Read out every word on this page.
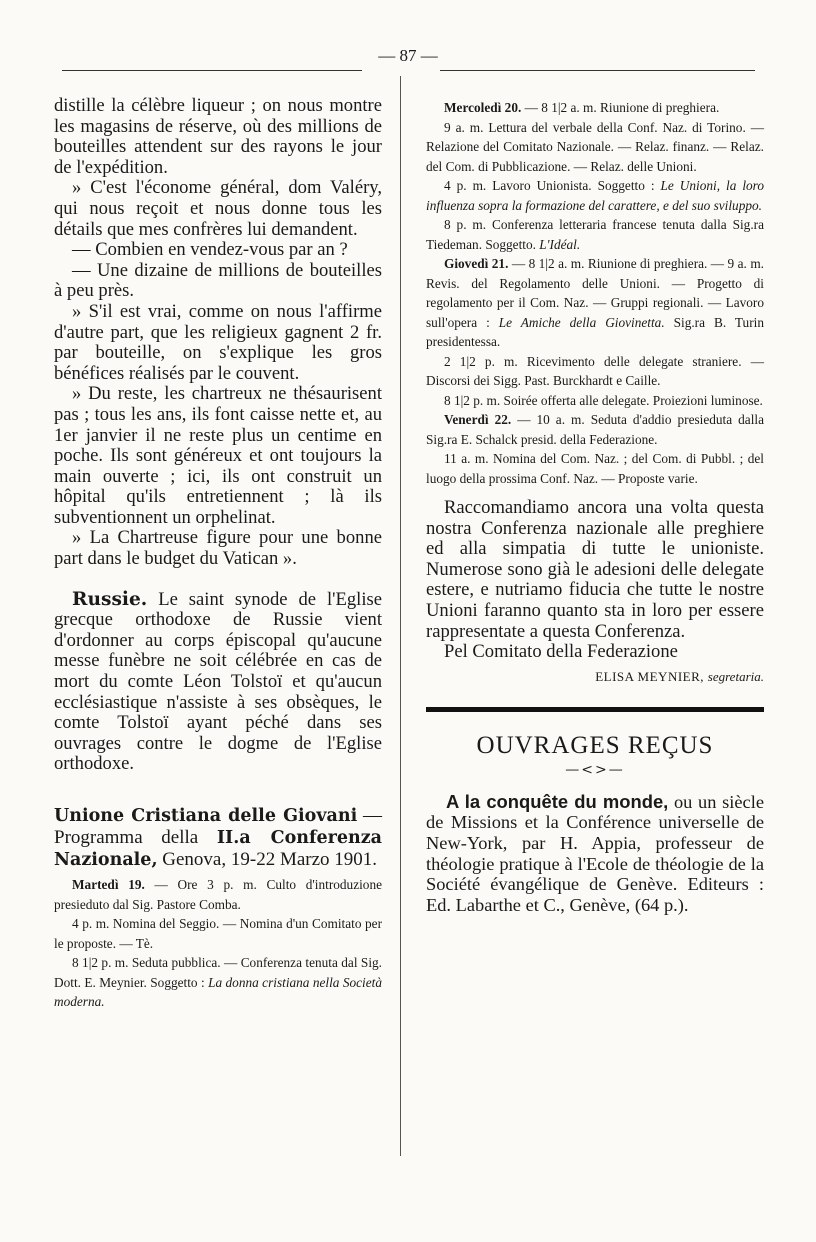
— 87 —

distille la célèbre liqueur ; on nous montre les magasins de réserve, où des millions de bouteilles attendent sur des rayons le jour de l'expédition.

» C'est l'économe général, dom Valéry, qui nous reçoit et nous donne tous les détails que mes confrères lui demandent.

— Combien en vendez-vous par an ?

— Une dizaine de millions de bouteilles à peu près.

» S'il est vrai, comme on nous l'affirme d'autre part, que les religieux gagnent 2 fr. par bouteille, on s'explique les gros bénéfices réalisés par le couvent.

» Du reste, les chartreux ne thésaurisent pas ; tous les ans, ils font caisse nette et, au 1er janvier il ne reste plus un centime en poche. Ils sont généreux et ont toujours la main ouverte ; ici, ils ont construit un hôpital qu'ils entretiennent ; là ils subventionnent un orphelinat.

» La Chartreuse figure pour une bonne part dans le budget du Vatican ».

Russie. Le saint synode de l'Eglise grecque orthodoxe de Russie vient d'ordonner au corps épiscopal qu'aucune messe funèbre ne soit célébrée en cas de mort du comte Léon Tolstoï et qu'aucun ecclésiastique n'assiste à ses obsèques, le comte Tolstoï ayant péché dans ses ouvrages contre le dogme de l'Eglise orthodoxe.

Unione Cristiana delle Giovani — Programma della II.a Conferenza Nazionale, Genova, 19-22 Marzo 1901.

Martedì 19. — Ore 3 p. m. Culto d'introduzione presieduto dal Sig. Pastore Comba.

4 p. m. Nomina del Seggio. — Nomina d'un Comitato per le proposte. — Tè.

8 1|2 p. m. Seduta pubblica. — Conferenza tenuta dal Sig. Dott. E. Meynier. Soggetto : La donna cristiana nella Società moderna.

Mercoledì 20. — 8 1|2 a. m. Riunione di preghiera.

9 a. m. Lettura del verbale della Conf. Naz. di Torino. — Relazione del Comitato Nazionale. — Relaz. finanz. — Relaz. del Com. di Pubblicazione. — Relaz. delle Unioni.

4 p. m. Lavoro Unionista. Soggetto : Le Unioni, la loro influenza sopra la formazione del carattere, e del suo sviluppo.

8 p. m. Conferenza letteraria francese tenuta dalla Sig.ra Tiedeman. Soggetto. L'Idéal.

Giovedì 21. — 8 1|2 a. m. Riunione di preghiera. — 9 a. m. Revis. del Regolamento delle Unioni. — Progetto di regolamento per il Com. Naz. — Gruppi regionali. — Lavoro sull'opera : Le Amiche della Giovinetta. Sig.ra B. Turin presidentessa.

2 1|2 p. m. Ricevimento delle delegate straniere. — Discorsi dei Sigg. Past. Burckhardt e Caille.

8 1|2 p. m. Soirée offerta alle delegate. Proiezioni luminose.

Venerdì 22. — 10 a. m. Seduta d'addio presieduta dalla Sig.ra E. Schalck presid. della Federazione.

11 a. m. Nomina del Com. Naz. ; del Com. di Pubbl. ; del luogo della prossima Conf. Naz. — Proposte varie.

Raccomandiamo ancora una volta questa nostra Conferenza nazionale alle preghiere ed alla simpatia di tutte le unioniste. Numerose sono già le adesioni delle delegate estere, e nutriamo fiducia che tutte le nostre Unioni faranno quanto sta in loro per essere rappresentate a questa Conferenza.

Pel Comitato della Federazione

ELISA MEYNIER, segretaria.
OUVRAGES REÇUS
—<>—

A la conquête du monde, ou un siècle de Missions et la Conférence universelle de New-York, par H. Appia, professeur de théologie pratique à l'Ecole de théologie de la Société évangélique de Genève. Editeurs : Ed. Labarthe et C., Genève, (64 p.).
